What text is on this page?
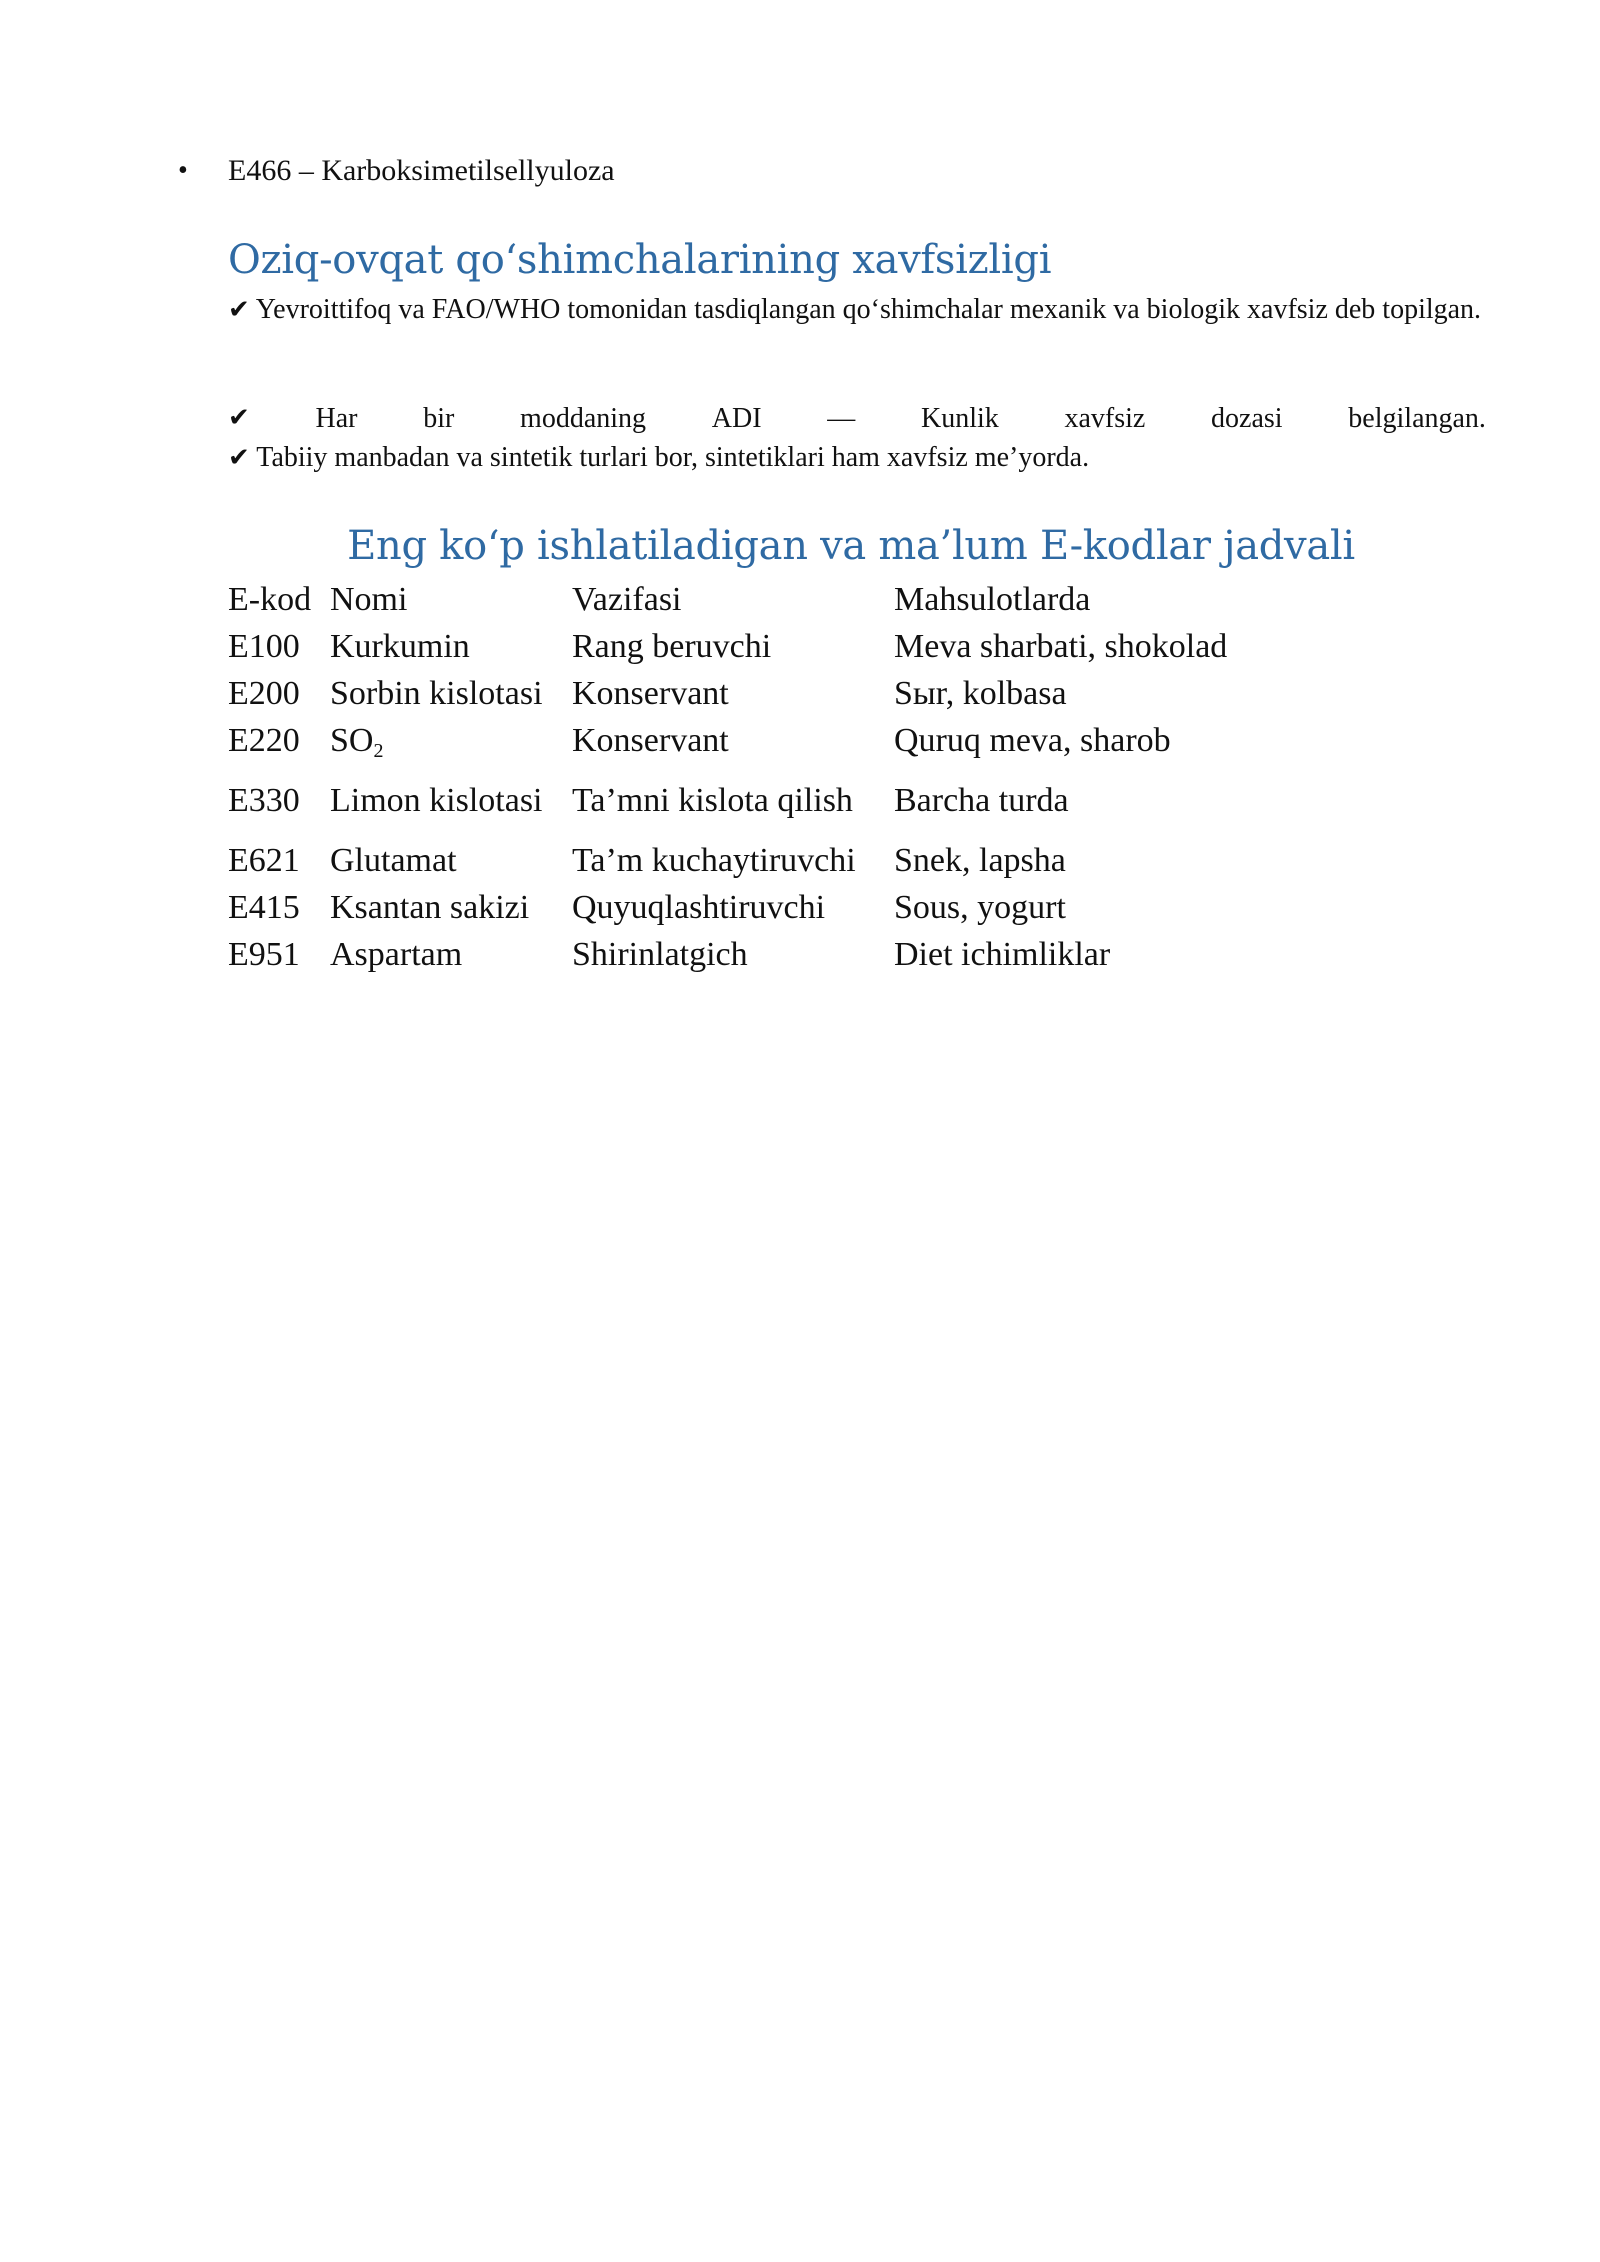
•	E466 – Karboksimetilsellyuloza
Oziq-ovqat qo‘shimchalarining xavfsizligi

✔ Yevroittifoq va FAO/WHO tomonidan tasdiqlangan qo‘shimchalar mexanik va biologik xavfsiz deb topilgan.

✔ Har bir moddaning ADI — Kunlik xavfsiz dozasi belgilangan.

✔ Tabiiy manbadan va sintetik turlari bor, sintetiklari ham xavfsiz me’yorda.

Eng ko‘p ishlatiladigan va ma’lum E-kodlar jadvali
E-kod	Nomi	Vazifasi	Mahsulotlarda
E100	Kurkumin	Rang beruvchi	Meva sharbati, shokolad
E200	Sorbin kislotasi	Konservant	Sыr, kolbasa
E220	$SO_2$	Konservant	Quruq meva, sharob
E330	Limon kislotasi	Ta’mni kislota qilish	Barcha turda
E621	Glutamat	Ta’m kuchaytiruvchi	Snek, lapsha
E415	Ksantan sakizi	Quyuqlashtiruvchi	Sous, yogurt
E951	Aspartam	Shirinlatgich	Diet ichimliklar
